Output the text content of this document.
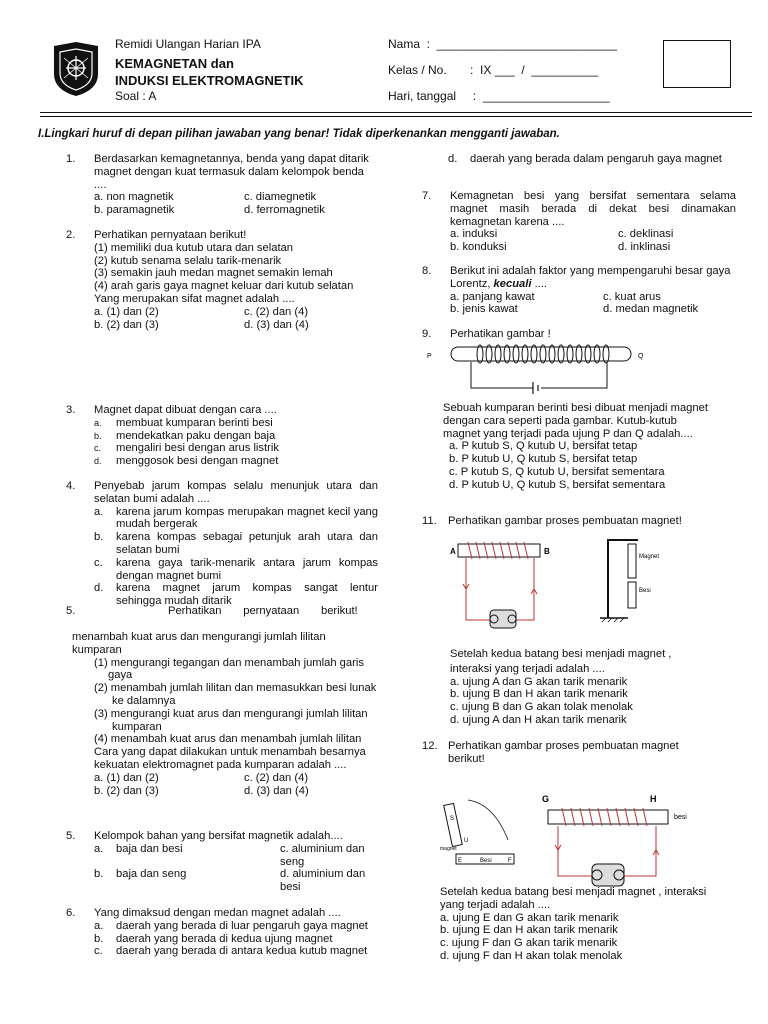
Remidi Ulangan Harian IPA
KEMAGNETAN dan
INDUKSI ELEKTROMAGNETIK
Soal : A
Nama  :  ___________________________
Kelas / No.       :  IX ___  /  __________
Hari, tanggal     :  ___________________
I.Lingkari huruf di depan pilihan jawaban yang benar! Tidak diperkenankan mengganti jawaban.
1. Berdasarkan kemagnetannya, benda yang dapat ditarik magnet dengan kuat termasuk dalam kelompok benda ....
a. non magnetik	c. diamegnetik
b. paramagnetik	d. ferromagnetik
2. Perhatikan pernyataan berikut!
(1) memiliki dua kutub utara dan selatan
(2) kutub senama selalu tarik-menarik
(3) semakin jauh medan magnet semakin lemah
(4) arah garis gaya magnet keluar dari kutub selatan
Yang merupakan sifat magnet adalah ....
a. (1) dan (2)	c. (2) dan (4)
b. (2) dan (3)	d. (3) dan (4)
3. Magnet dapat dibuat dengan cara ....
a.	membuat kumparan berinti besi
b.	mendekatkan paku dengan baja
c.	mengaliri besi dengan arus listrik
d.	menggosok besi dengan magnet
4. Penyebab jarum kompas selalu menunjuk utara dan selatan bumi adalah ....
a.	karena jarum kompas merupakan magnet kecil yang mudah bergerak
b.	karena kompas sebagai petunjuk arah utara dan selatan bumi
c.	karena gaya tarik-menarik antara jarum kompas dengan magnet bumi
d.	karena magnet jarum kompas sangat lentur sehingga mudah ditarik
5.	Perhatikan       pernyataan       berikut!
menambah kuat arus dan mengurangi jumlah lilitan kumparan
(1) mengurangi tegangan dan menambah jumlah garis gaya
(2) menambah jumlah lilitan dan memasukkan besi lunak ke dalamnya
(3) mengurangi kuat arus dan mengurangi jumlah lilitan kumparan
(4) menambah kuat arus dan menambah jumlah lilitan
Cara yang dapat dilakukan untuk menambah besarnya kekuatan elektromagnet pada kumparan adalah ....
a. (1) dan (2)	c. (2) dan (4)
b. (2) dan (3)	d. (3) dan (4)
5. Kelompok bahan yang bersifat magnetik adalah....
a.	baja dan besi	c. aluminium dan seng
b.	baja dan seng	d. aluminium dan besi
6. Yang dimaksud dengan medan magnet adalah ....
a.	daerah yang berada di luar pengaruh gaya magnet
b.	daerah yang berada di kedua ujung magnet
c.	daerah yang berada di antara kedua kutub magnet
d.	daerah yang berada dalam pengaruh gaya magnet
7. Kemagnetan besi yang bersifat sementara selama magnet masih berada di dekat besi dinamakan kemagnetan karena ....
a. induksi	c. deklinasi
b. konduksi	d. inklinasi
8. Berikut ini adalah faktor yang mempengaruhi besar gaya Lorentz, kecuali ....
a. panjang kawat	c. kuat arus
b. jenis kawat	d. medan magnetik
9. Perhatikan gambar !
P	Q
Sebuah kumparan berinti besi dibuat menjadi magnet dengan cara seperti pada gambar. Kutub-kutub magnet yang terjadi pada ujung P dan Q adalah....
a. P kutub S, Q kutub U, bersifat tetap
b. P kutub U, Q kutub S, bersifat tetap
c. P kutub S, Q kutub U, bersifat sementara
d. P kutub U, Q kutub S, bersifat sementara
11. Perhatikan gambar proses pembuatan magnet!
A	B
Magnet
Besi
Setelah kedua batang besi menjadi magnet ,
interaksi yang terjadi adalah ....
a. ujung A dan G akan tarik menarik
b. ujung B dan H akan tarik menarik
c. ujung B dan G akan tolak menolak
d. ujung A dan H akan tarik menarik
12. Perhatikan gambar proses pembuatan magnet berikut!
S
U
magnet
E	Besi	F
G	H
besi
Setelah kedua batang besi menjadi magnet , interaksi yang terjadi adalah ....
a. ujung E dan G akan tarik menarik
b. ujung E dan H akan tarik menarik
c. ujung F dan G akan tarik menarik
d. ujung F dan H akan tolak menolak
